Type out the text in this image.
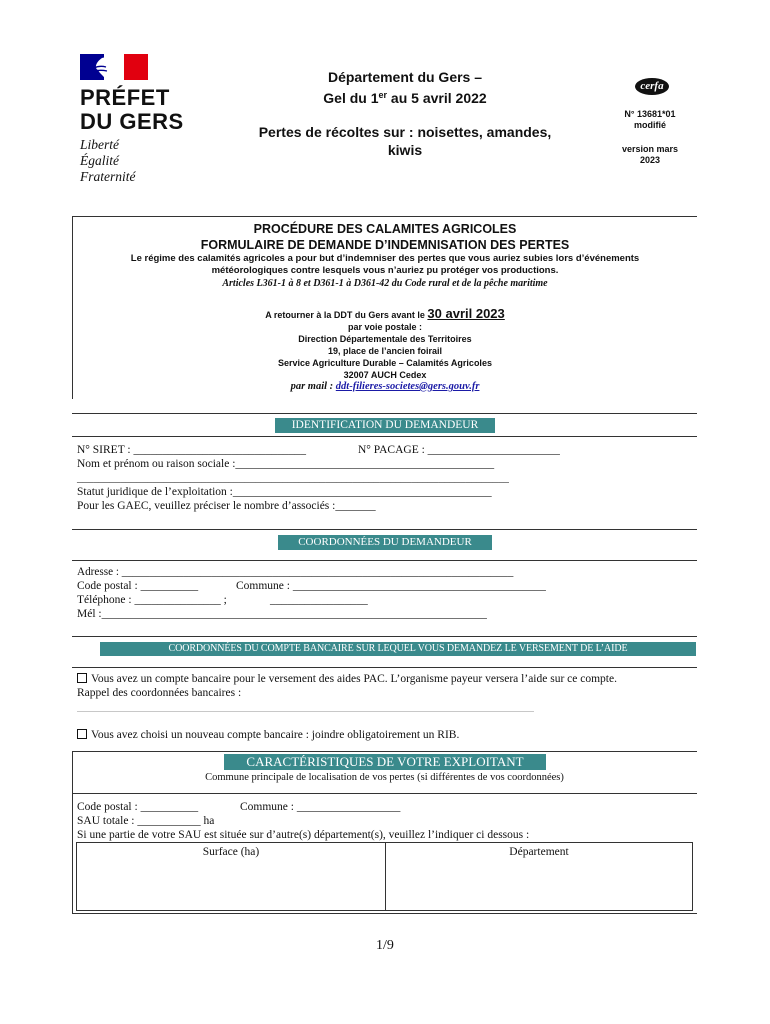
PRÉFET
DU GERS
Liberté
Égalité
Fraternité
Département du Gers –
Gel du 1er au 5 avril 2022
Pertes de récoltes sur : noisettes, amandes,
kiwis
cerfa
N° 13681*01
modifié
version mars
2023
PROCÉDURE DES CALAMITES AGRICOLES
FORMULAIRE DE DEMANDE D’INDEMNISATION DES PERTES
Le régime des calamités agricoles a pour but d’indemniser des pertes que vous auriez subies lors d’événements
météorologiques contre lesquels vous n’auriez pu protéger vos productions.
Articles L361-1 à 8 et D361-1 à D361-42 du Code rural et de la pêche maritime
A retourner à la DDT du Gers avant le 30 avril 2023
par voie postale :
Direction Départementale des Territoires
19, place de l’ancien foirail
Service Agriculture Durable – Calamités Agricoles
32007 AUCH Cedex
par mail : ddt-filieres-societes@gers.gouv.fr
IDENTIFICATION DU DEMANDEUR
N° SIRET : ______________________________	N° PACAGE : _______________________
Nom et prénom ou raison sociale :_____________________________________________
________________________________________________________________________________
Statut juridique de l’exploitation :_____________________________________________
Pour les GAEC, veuillez préciser le nombre d’associés :_______
COORDONNÉES DU DEMANDEUR
Adresse : ______________________________________________________________________
Code postal : __________	Commune : ____________________________________________
Téléphone : _______________ ;	_________________
Mél :___________________________________________________________________
COORDONNÉES DU COMPTE BANCAIRE SUR LEQUEL VOUS DEMANDEZ LE VERSEMENT DE L’AIDE
Vous avez un compte bancaire pour le versement des aides PAC. L’organisme payeur versera l’aide sur ce compte.
Rappel des coordonnées bancaires :
Vous avez choisi un nouveau compte bancaire : joindre obligatoirement un RIB.
CARACTÉRISTIQUES DE VOTRE EXPLOITANT
Commune principale de localisation de vos pertes (si différentes de vos coordonnées)
Code postal : __________	Commune : __________________
SAU totale : ___________ ha
Si une partie de votre SAU est située sur d’autre(s) département(s), veuillez l’indiquer ci dessous :
Surface (ha)	Département
1/9
